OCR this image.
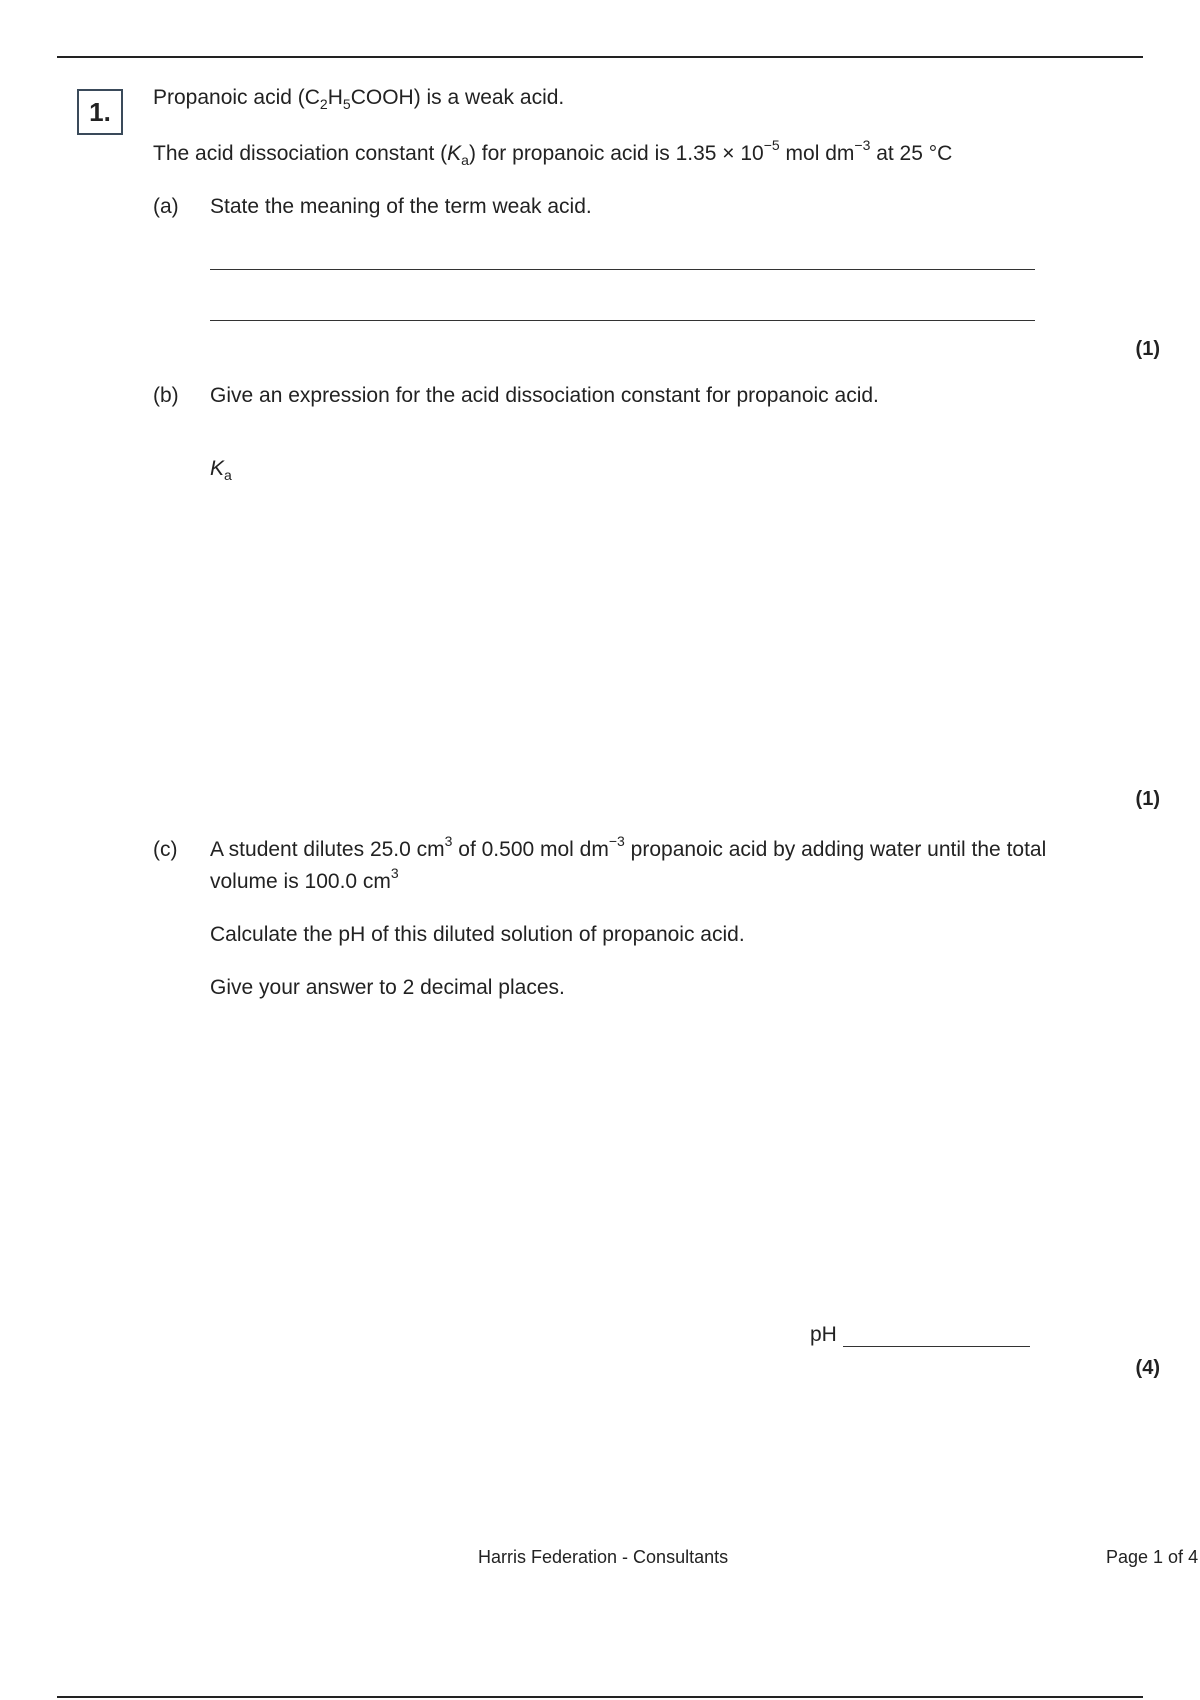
1. Propanoic acid $(C_2H_5COOH)$ is a weak acid.
The acid dissociation constant $(K_a)$ for propanoic acid is $1.35 \times 10^{-5}$ mol $dm^{-3}$ at 25 °C
(a) State the meaning of the term weak acid.
(1)
(b) Give an expression for the acid dissociation constant for propanoic acid.
$K_a$
(1)
(c) A student dilutes 25.0 $cm^3$ of 0.500 mol $dm^{-3}$ propanoic acid by adding water until the total
volume is 100.0 $cm^3$
Calculate the pH of this diluted solution of propanoic acid.
Give your answer to 2 decimal places.
pH
(4)
Harris Federation - Consultants	Page 1 of 4
